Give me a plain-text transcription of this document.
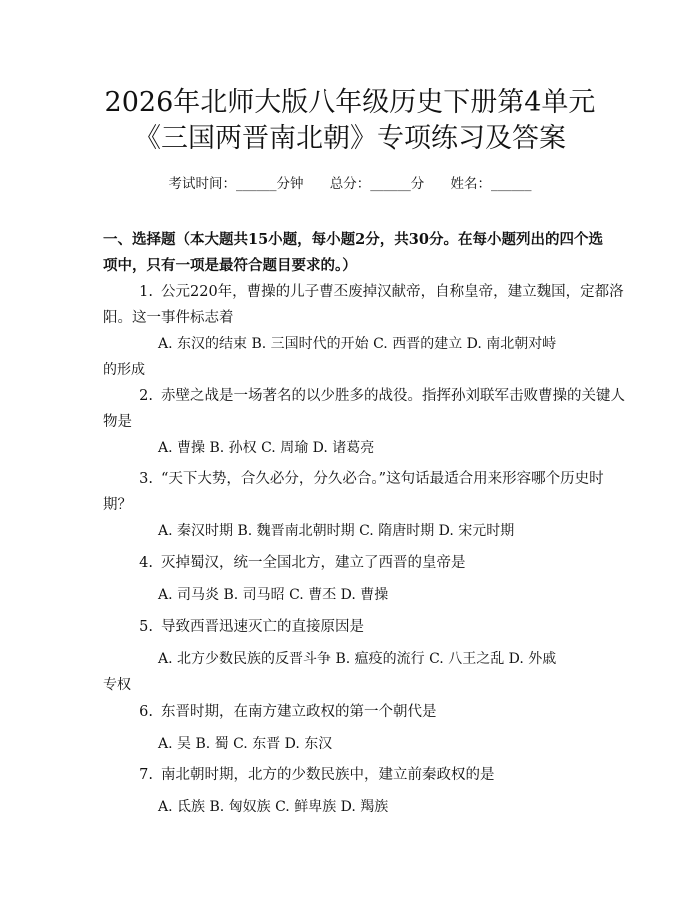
2026年北师大版八年级历史下册第4单元
《三国两晋南北朝》专项练习及答案
考试时间：______分钟 总分：______分 姓名：______
一、选择题（本大题共15小题，每小题2分，共30分。在每小题列出的四个选
项中，只有一项是最符合题目要求的。）
1. 公元220年，曹操的儿子曹丕废掉汉献帝，自称皇帝，建立魏国，定都洛
阳。这一事件标志着
A. 东汉的结束 B. 三国时代的开始 C. 西晋的建立 D. 南北朝对峙
的形成
2. 赤壁之战是一场著名的以少胜多的战役。指挥孙刘联军击败曹操的关键人
物是
A. 曹操 B. 孙权 C. 周瑜 D. 诸葛亮
3. “天下大势，合久必分，分久必合。”这句话最适合用来形容哪个历史时
期？
A. 秦汉时期 B. 魏晋南北朝时期 C. 隋唐时期 D. 宋元时期
4. 灭掉蜀汉，统一全国北方，建立了西晋的皇帝是
A. 司马炎 B. 司马昭 C. 曹丕 D. 曹操
5. 导致西晋迅速灭亡的直接原因是
A. 北方少数民族的反晋斗争 B. 瘟疫的流行 C. 八王之乱 D. 外戚
专权
6. 东晋时期，在南方建立政权的第一个朝代是
A. 吴 B. 蜀 C. 东晋 D. 东汉
7. 南北朝时期，北方的少数民族中，建立前秦政权的是
A. 氐族 B. 匈奴族 C. 鲜卑族 D. 羯族
